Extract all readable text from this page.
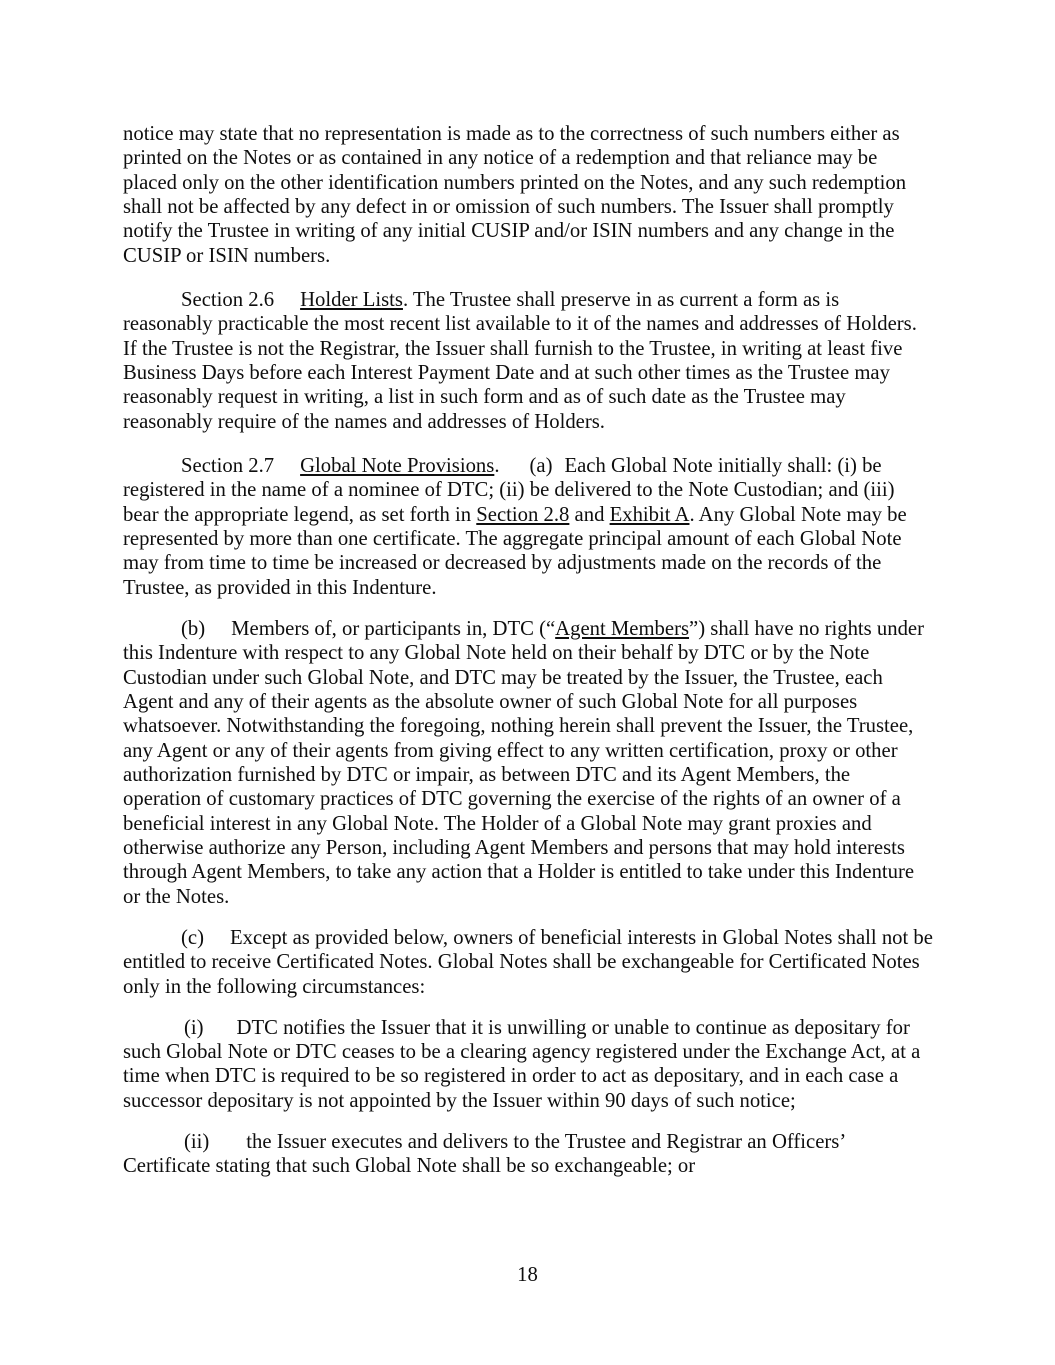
notice may state that no representation is made as to the correctness of such numbers either as printed on the Notes or as contained in any notice of a redemption and that reliance may be placed only on the other identification numbers printed on the Notes, and any such redemption shall not be affected by any defect in or omission of such numbers. The Issuer shall promptly notify the Trustee in writing of any initial CUSIP and/or ISIN numbers and any change in the CUSIP or ISIN numbers.

Section 2.6 Holder Lists. The Trustee shall preserve in as current a form as is reasonably practicable the most recent list available to it of the names and addresses of Holders. If the Trustee is not the Registrar, the Issuer shall furnish to the Trustee, in writing at least five Business Days before each Interest Payment Date and at such other times as the Trustee may reasonably request in writing, a list in such form and as of such date as the Trustee may reasonably require of the names and addresses of Holders.

Section 2.7 Global Note Provisions. (a) Each Global Note initially shall: (i) be registered in the name of a nominee of DTC; (ii) be delivered to the Note Custodian; and (iii) bear the appropriate legend, as set forth in Section 2.8 and Exhibit A. Any Global Note may be represented by more than one certificate. The aggregate principal amount of each Global Note may from time to time be increased or decreased by adjustments made on the records of the Trustee, as provided in this Indenture.

(b) Members of, or participants in, DTC (“Agent Members”) shall have no rights under this Indenture with respect to any Global Note held on their behalf by DTC or by the Note Custodian under such Global Note, and DTC may be treated by the Issuer, the Trustee, each Agent and any of their agents as the absolute owner of such Global Note for all purposes whatsoever. Notwithstanding the foregoing, nothing herein shall prevent the Issuer, the Trustee, any Agent or any of their agents from giving effect to any written certification, proxy or other authorization furnished by DTC or impair, as between DTC and its Agent Members, the operation of customary practices of DTC governing the exercise of the rights of an owner of a beneficial interest in any Global Note. The Holder of a Global Note may grant proxies and otherwise authorize any Person, including Agent Members and persons that may hold interests through Agent Members, to take any action that a Holder is entitled to take under this Indenture or the Notes.

(c) Except as provided below, owners of beneficial interests in Global Notes shall not be entitled to receive Certificated Notes. Global Notes shall be exchangeable for Certificated Notes only in the following circumstances:

(i) DTC notifies the Issuer that it is unwilling or unable to continue as depositary for such Global Note or DTC ceases to be a clearing agency registered under the Exchange Act, at a time when DTC is required to be so registered in order to act as depositary, and in each case a successor depositary is not appointed by the Issuer within 90 days of such notice;

(ii) the Issuer executes and delivers to the Trustee and Registrar an Officers’ Certificate stating that such Global Note shall be so exchangeable; or

18
